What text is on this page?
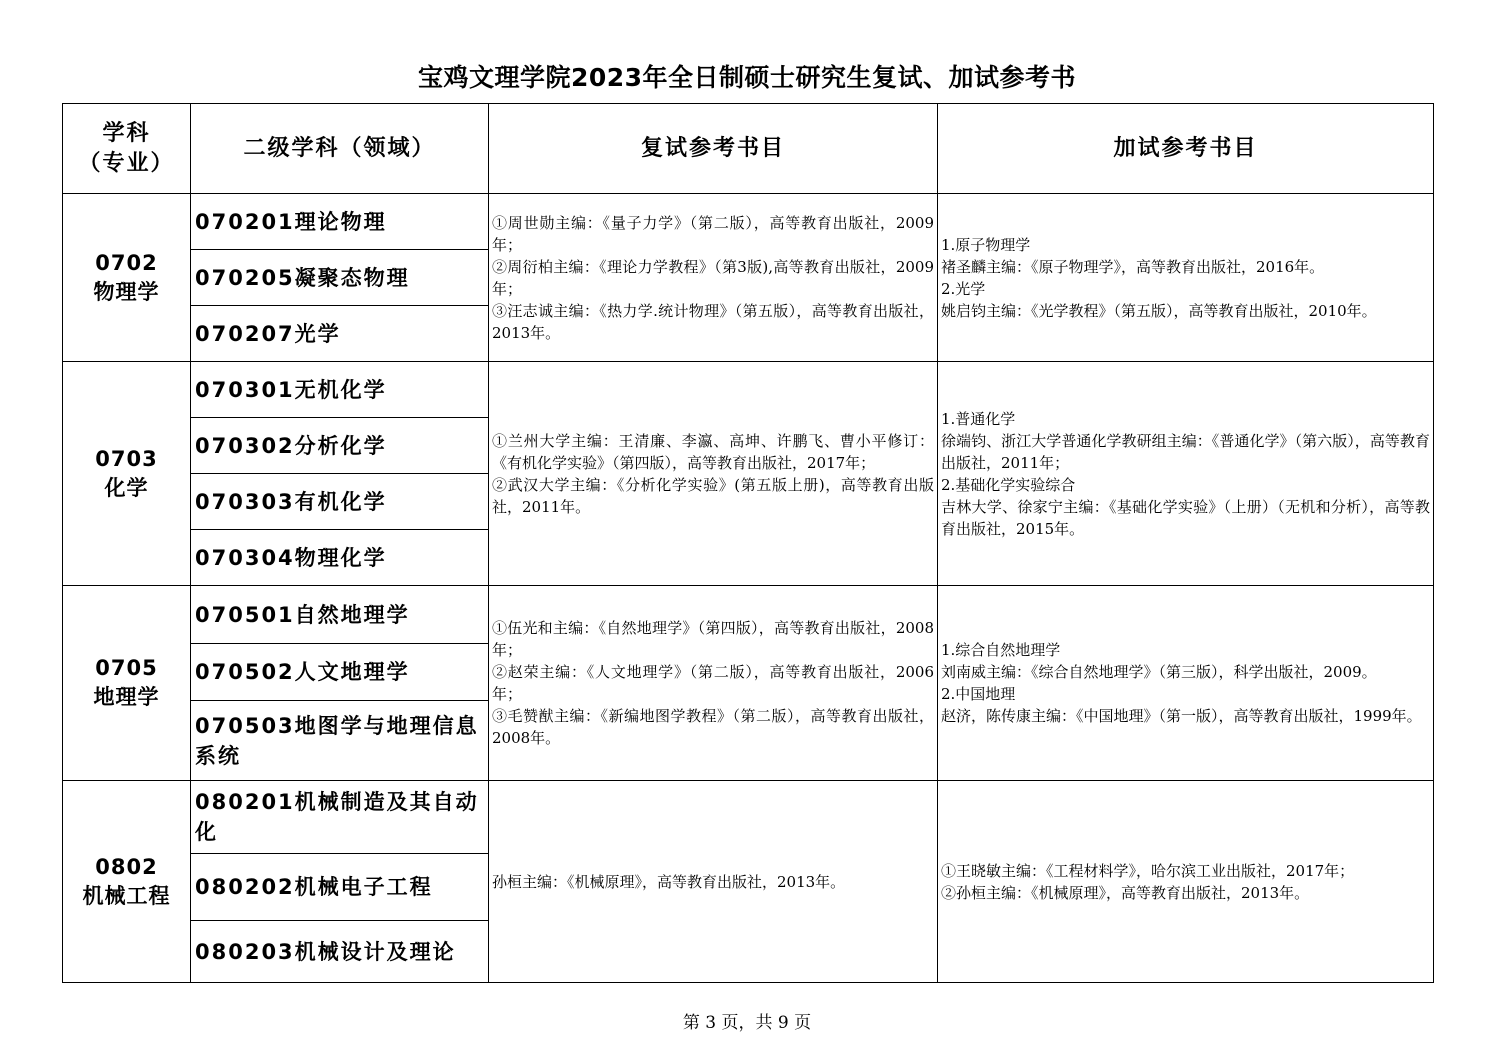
宝鸡文理学院2023年全日制硕士研究生复试、加试参考书
学科
（专业）	二级学科（领域）	复试参考书目	加试参考书目
0702
物理学	070201理论物理	①周世勋主编：《量子力学》（第二版），高等教育出版社，2009年；
②周衍柏主编：《理论力学教程》（第3版),高等教育出版社，2009年；
③汪志诚主编：《热力学.统计物理》（第五版），高等教育出版社，2013年。	1.原子物理学
褚圣麟主编：《原子物理学》，高等教育出版社，2016年。
2.光学
姚启钧主编：《光学教程》（第五版），高等教育出版社，2010年。

	070205凝聚态物理		
	070207光学		
0703
化学	070301无机化学	①兰州大学主编：王清廉、李瀛、高坤、许鹏飞、曹小平修订：《有机化学实验》（第四版），高等教育出版社，2017年；
②武汉大学主编：《分析化学实验》(第五版上册)，高等教育出版社，2011年。	1.普通化学
徐端钧、浙江大学普通化学教研组主编：《普通化学》（第六版），高等教育出版社，2011年；
2.基础化学实验综合
吉林大学、徐家宁主编：《基础化学实验》（上册）（无机和分析），高等教育出版社，2015年。

	070302分析化学		
	070303有机化学		
	070304物理化学		
0705
地理学	070501自然地理学	①伍光和主编：《自然地理学》（第四版），高等教育出版社，2008年；
②赵荣主编：《人文地理学》（第二版），高等教育出版社，2006年；
③毛赞猷主编：《新编地图学教程》（第二版），高等教育出版社，2008年。	1.综合自然地理学
刘南威主编：《综合自然地理学》（第三版），科学出版社，2009。
2.中国地理
赵济，陈传康主编：《中国地理》（第一版），高等教育出版社，1999年。

	070502人文地理学		
	070503地图学与地理信息系统		
0802
机械工程	080201机械制造及其自动化	孙桓主编：《机械原理》，高等教育出版社，2013年。	①王晓敏主编：《工程材料学》，哈尔滨工业出版社，2017年；
②孙桓主编：《机械原理》，高等教育出版社，2013年。

	080202机械电子工程		
	080203机械设计及理论		
第 3 页，共 9 页
